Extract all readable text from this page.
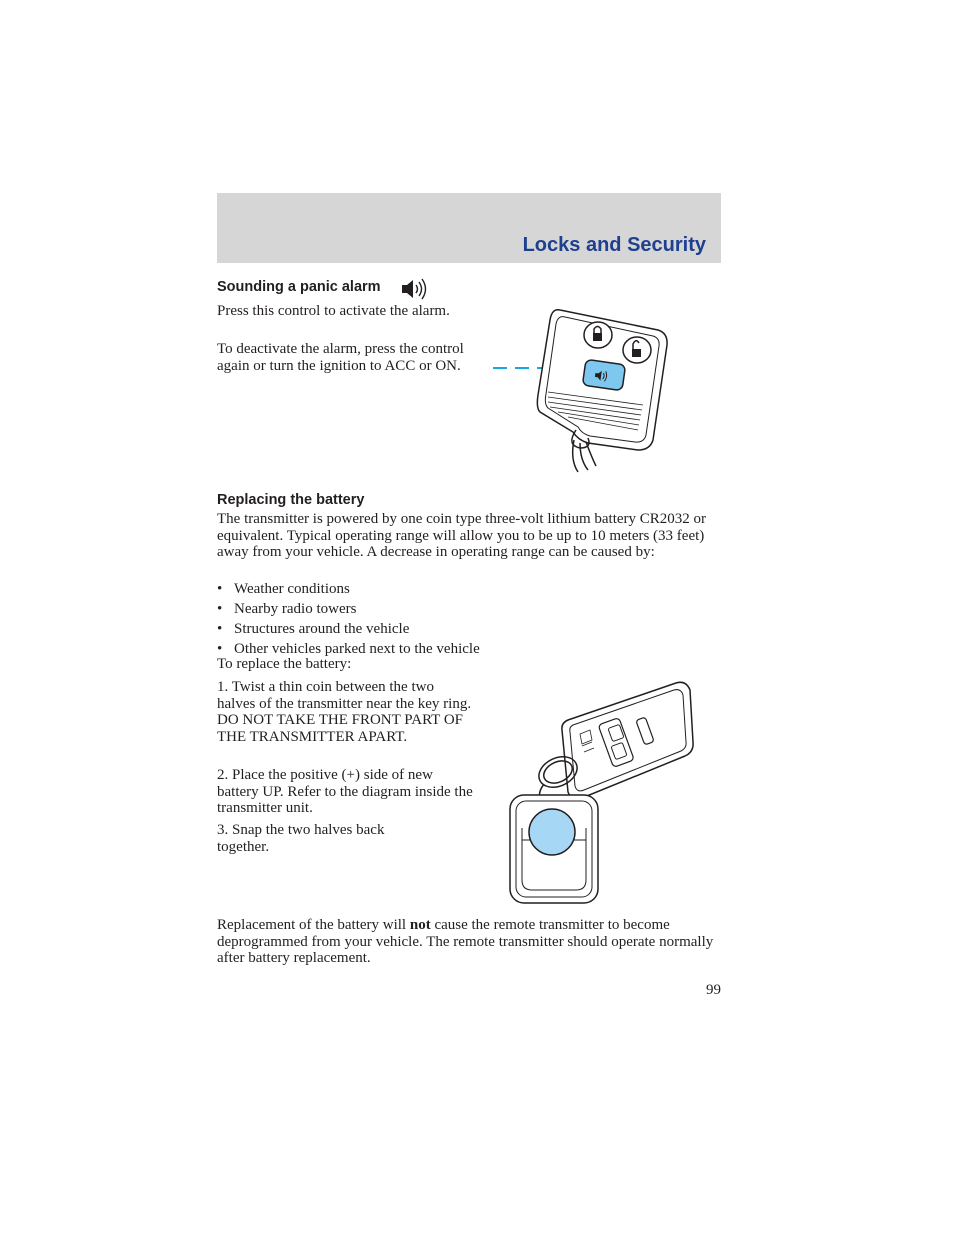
Locks and Security
Sounding a panic alarm

Press this control to activate the alarm.

To deactivate the alarm, press the control again or turn the ignition to ACC or ON.

Replacing the battery

The transmitter is powered by one coin type three-volt lithium battery CR2032 or equivalent. Typical operating range will allow you to be up to 10 meters (33 feet) away from your vehicle. A decrease in operating range can be caused by:

• Weather conditions
• Nearby radio towers
• Structures around the vehicle
• Other vehicles parked next to the vehicle

To replace the battery:

1. Twist a thin coin between the two halves of the transmitter near the key ring. DO NOT TAKE THE FRONT PART OF THE TRANSMITTER APART.

2. Place the positive (+) side of new battery UP. Refer to the diagram inside the transmitter unit.

3. Snap the two halves back together.

Replacement of the battery will not cause the remote transmitter to become deprogrammed from your vehicle. The remote transmitter should operate normally after battery replacement.

99
